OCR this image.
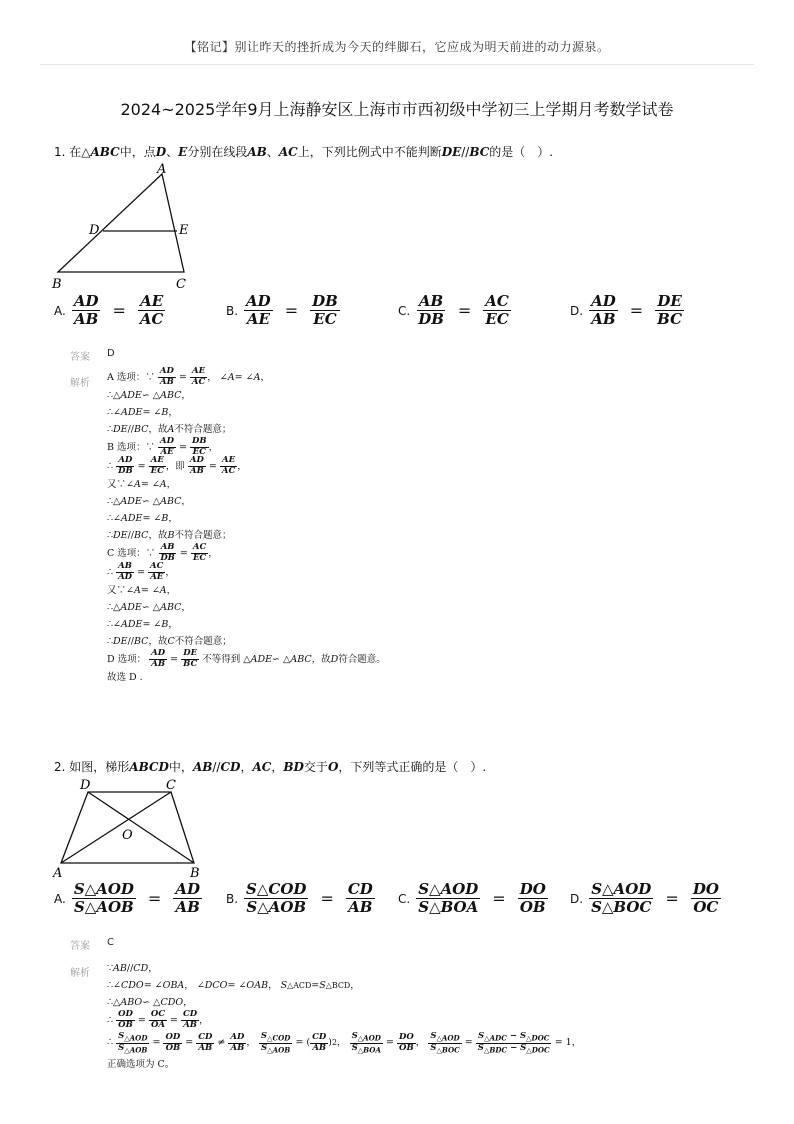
【铭记】别让昨天的挫折成为今天的绊脚石，它应成为明天前进的动力源泉。
2024~2025学年9月上海静安区上海市市西初级中学初三上学期月考数学试卷
1. 在△ABC中，点D、E分别在线段AB、AC上，下列比例式中不能判断DE//BC的是（　）.
A
D	E
B	C
A. $\frac{AD}{AB} = \frac{AE}{AC}$	B. $\frac{AD}{AE} = \frac{DB}{EC}$	C. $\frac{AB}{DB} = \frac{AC}{EC}$	D. $\frac{AD}{AB} = \frac{DE}{BC}$
答案 D
解析
A 选项：∵ $\frac{AD}{AB} = \frac{AE}{AC}$ ， ∠ A = ∠ A ，
∴△ ADE ∽ △ ABC ，
∴∠ ADE = ∠ B ，
∴ DE // BC ，故 A 不符合题意；
B 选项：∵ $\frac{AD}{AE} = \frac{DB}{EC}$ ，
∴ $\frac{AD}{DB} = \frac{AE}{EC}$ ，即 $\frac{AD}{AB} = \frac{AE}{AC}$ ，
又∵∠ A = ∠ A ，
∴△ ADE ∽ △ ABC ，
∴∠ ADE = ∠ B ，
∴ DE // BC ，故 B 不符合题意；
C 选项：∵ $\frac{AB}{DB} = \frac{AC}{EC}$ ，
∴ $\frac{AB}{AD} = \frac{AC}{AE}$ ，
又∵∠ A = ∠ A ，
∴△ ADE ∽ △ ABC ，
∴∠ ADE = ∠ B ，
∴ DE // BC ，故 C 不符合题意；
D 选项： $\frac{AD}{AB} = \frac{DE}{BC}$ 不等得到 △ ADE ∽ △ ABC ，故 D 符合题意。
故选 D .
2. 如图，梯形ABCD中，AB//CD，AC，BD交于O，下列等式正确的是（　）.
D	C
O
A	B
A. $\frac{\text{S△AOD}}{\text{S△AOB}} = \frac{AD}{AB} B$. $\frac{\text{S△COD}}{\text{S△AOB}} = \frac{CD}{AB} C$. $\frac{\text{S△AOD}}{\text{S△BOA}} = \frac{DO}{OB} D$. $\frac{\text{S△AOD}}{\text{S△BOC}} = \frac{DO}{OC}$
答案 C
解析 ∵ AB // CD ，
∴∠ CDO = ∠ OBA ， ∠ DCO = ∠ OAB ， S △ACD = S △BCD ，
∴△ ABO ∽ △ CDO ，
∴ $\frac{OD}{OB} = \frac{OC}{OA} = \frac{CD}{AB}$ ，
∴ $\frac{S_{\triangle AOD}}{S_{\triangle AOB}} = \frac{OD}{OB} = \frac{CD}{AB} \ne \frac{AD}{AB}$ ， $\frac{S_{\triangle COD}}{S_{\triangle AOB}}$ = ( $\frac{CD}{AB}$ ) 2 ， $\frac{S_{\triangle AOD}}{S_{\triangle BOA}} = \frac{DO}{OB}$ ， $\frac{S_{\triangle AOD}}{S_{\triangle BOC}} = \frac{S_{\triangle ADC} - S_{\triangle DOC}}{S_{\triangle BDC} - S_{\triangle DOC}} = 1$，
正确选项为 C。
